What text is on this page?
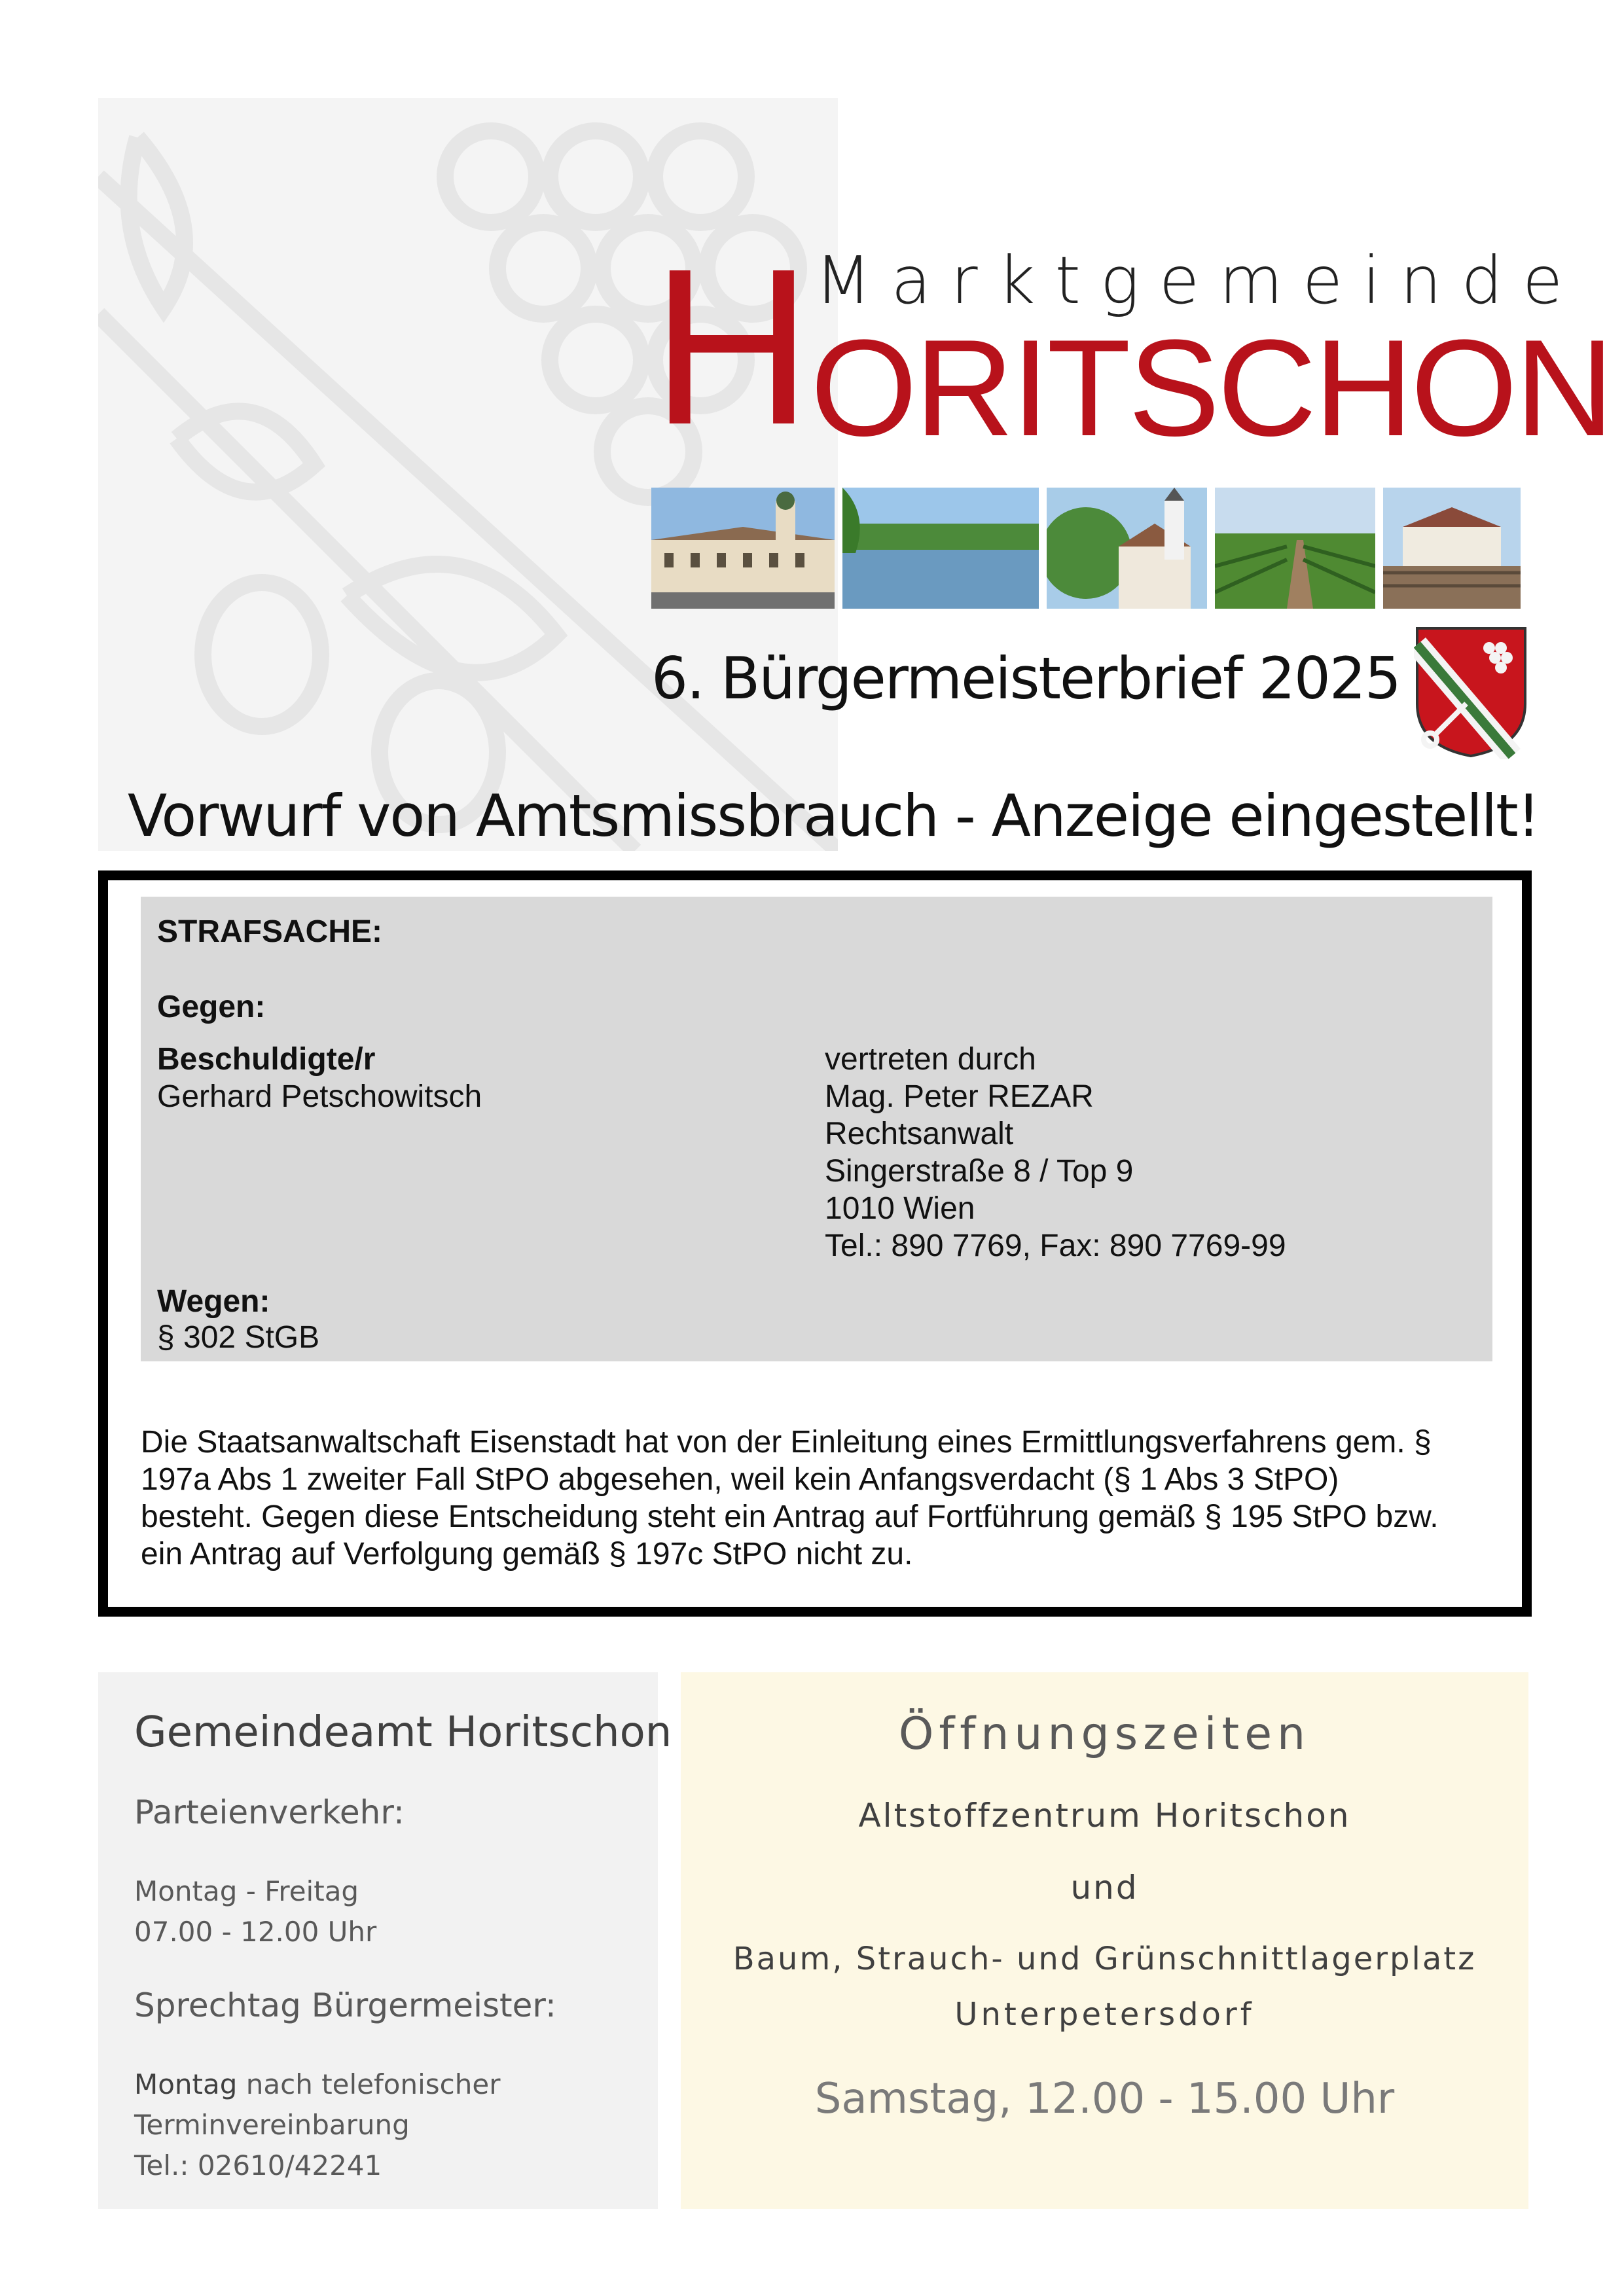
Marktgemeinde
H
ORITSCHON
6. Bürgermeisterbrief 2025
Vorwurf von Amtsmissbrauch - Anzeige eingestellt!
STRAFSACHE:
Gegen:
Beschuldigte/r
Gerhard Petschowitsch
vertreten durch
Mag. Peter REZAR
Rechtsanwalt
Singerstraße 8 / Top 9
1010 Wien
Tel.: 890 7769, Fax: 890 7769-99
Wegen:
§ 302 StGB
Die Staatsanwaltschaft Eisenstadt hat von der Einleitung eines Ermittlungsverfahrens gem. §
197a Abs 1 zweiter Fall StPO abgesehen, weil kein Anfangsverdacht (§ 1 Abs 3 StPO)
besteht. Gegen diese Entscheidung steht ein Antrag auf Fortführung gemäß § 195 StPO bzw.
ein Antrag auf Verfolgung gemäß § 197c StPO nicht zu.
Gemeindeamt Horitschon
Parteienverkehr:
Montag - Freitag
07.00 - 12.00 Uhr
Sprechtag Bürgermeister:
Montag nach telefonischer
Terminvereinbarung
Tel.: 02610/42241
Öffnungszeiten
Altstoffzentrum Horitschon
und
Baum, Strauch- und Grünschnittlagerplatz
Unterpetersdorf
Samstag, 12.00 - 15.00 Uhr
